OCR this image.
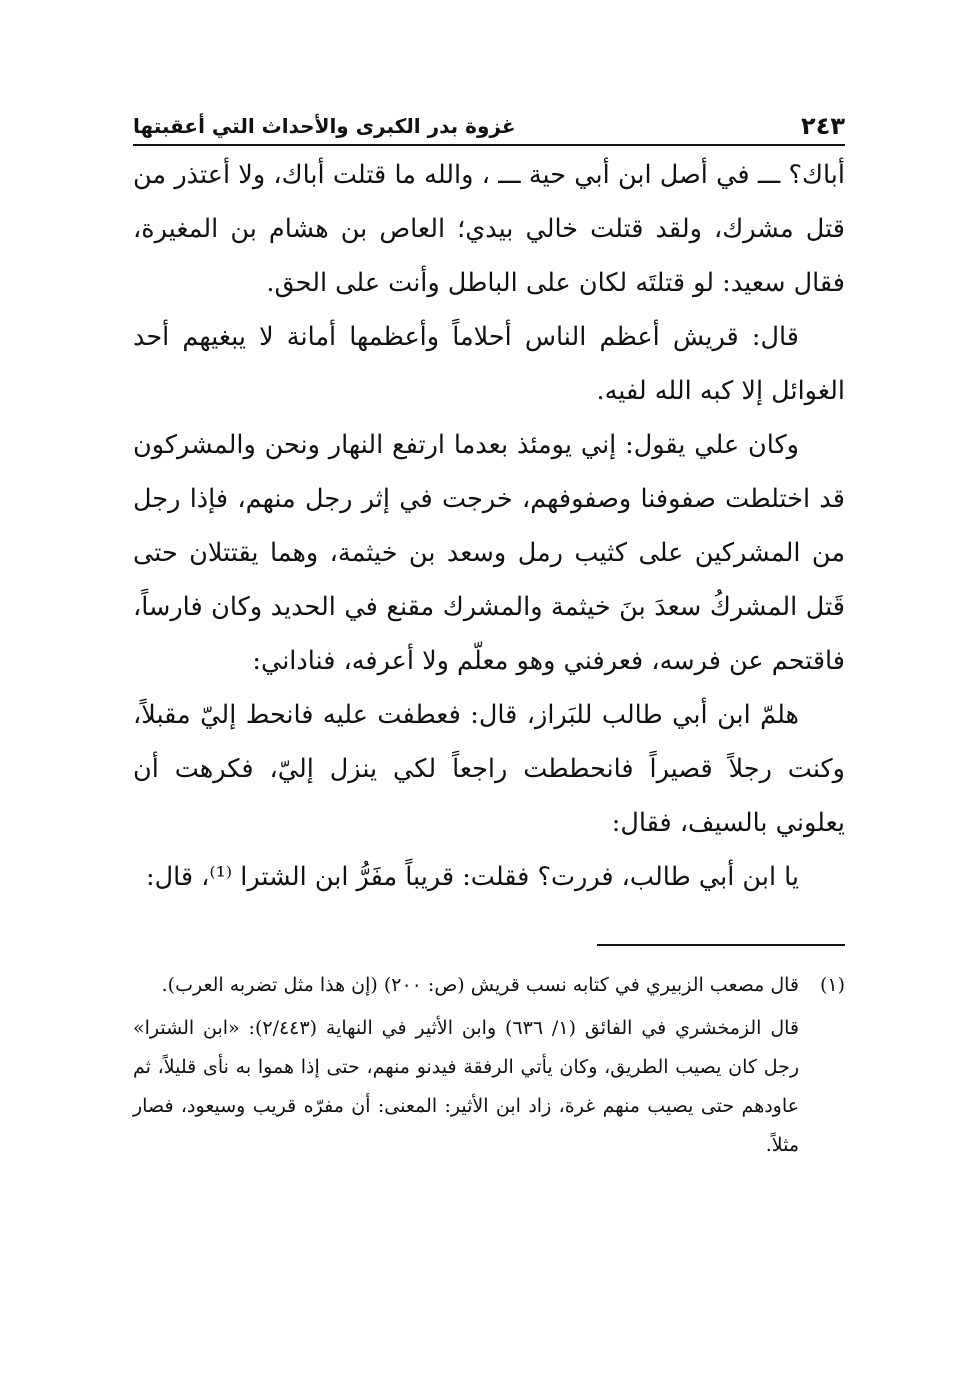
٢٤٣
غزوة بدر الكبرى والأحداث التي أعقبتها

أباك؟ ـــ في أصل ابن أبي حية ـــ ، والله ما قتلت أباك، ولا أعتذر من قتل مشرك، ولقد قتلت خالي بيدي؛ العاص بن هشام بن المغيرة، فقال سعيد: لو قتلتَه لكان على الباطل وأنت على الحق.

قال: قريش أعظم الناس أحلاماً وأعظمها أمانة لا يبغيهم أحد الغوائل إلا كبه الله لفيه.

وكان علي يقول: إني يومئذ بعدما ارتفع النهار ونحن والمشركون قد اختلطت صفوفنا وصفوفهم، خرجت في إثر رجل منهم، فإذا رجل من المشركين على كثيب رمل وسعد بن خيثمة، وهما يقتتلان حتى قَتل المشركُ سعدَ بنَ خيثمة والمشرك مقنع في الحديد وكان فارساً، فاقتحم عن فرسه، فعرفني وهو معلّم ولا أعرفه، فناداني:

هلمّ ابن أبي طالب للبَراز، قال: فعطفت عليه فانحط إليّ مقبلاً، وكنت رجلاً قصيراً فانحططت راجعاً لكي ينزل إليّ، فكرهت أن يعلوني بالسيف، فقال:

يا ابن أبي طالب، فررت؟ فقلت: قريباً مفَرُّ ابن الشترا ⁽¹⁾، قال:

(١)قال مصعب الزبيري في كتابه نسب قريش (ص: ٢٠٠) (إن هذا مثل تضربه العرب).

قال الزمخشري في الفائق (١/ ٦٣٦) وابن الأثير في النهاية (٢/٤٤٣): «ابن الشترا» رجل كان يصيب الطريق، وكان يأتي الرفقة فيدنو منهم، حتى إذا هموا به نأى قليلاً، ثم عاودهم حتى يصيب منهم غرة، زاد ابن الأثير: المعنى: أن مفرّه قريب وسيعود، فصار مثلاً.
